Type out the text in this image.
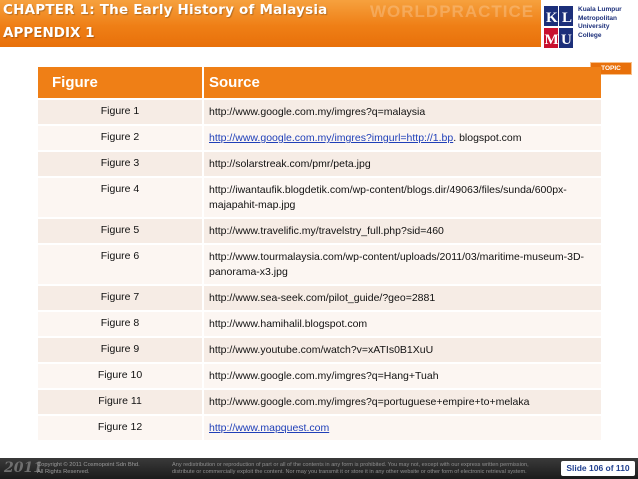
CHAPTER 1: The Early History of Malaysia
APPENDIX 1
WORLDPRACTICE K L
M U
Kuala Lumpur
Metropolitan
University
College
TOPIC
Figure	Source
Figure 1	http://www.google.com.my/imgres?q=malaysia
Figure 2	http://www.google.com.my/imgres?imgurl=http://1.bp. blogspot.com
Figure 3	http://solarstreak.com/pmr/peta.jpg
Figure 4	http://iwantaufik.blogdetik.com/wp-content/blogs.dir/49063/files/sunda/600px-majapahit-map.jpg
Figure 5	http://www.travelific.my/travelstry_full.php?sid=460
Figure 6	http://www.tourmalaysia.com/wp-content/uploads/2011/03/maritime-museum-3D-panorama-x3.jpg
Figure 7	http://www.sea-seek.com/pilot_guide/?geo=2881
Figure 8	http://www.hamihalil.blogspot.com
Figure 9	http://www.youtube.com/watch?v=xATIs0B1XuU
Figure 10	http://www.google.com.my/imgres?q=Hang+Tuah
Figure 11	http://www.google.com.my/imgres?q=portuguese+empire+to+melaka
Figure 12	http://www.mapquest.com
2011
Copyright © 2011 Cosmopoint Sdn Bhd.
All Rights Reserved.
Any redistribution or reproduction of part or all of the contents in any form is prohibited. You may not, except with our express written permission,
distribute or commercially exploit the content. Nor may you transmit it or store it in any other website or other form of electronic retrieval system.	Slide 106 of 110
